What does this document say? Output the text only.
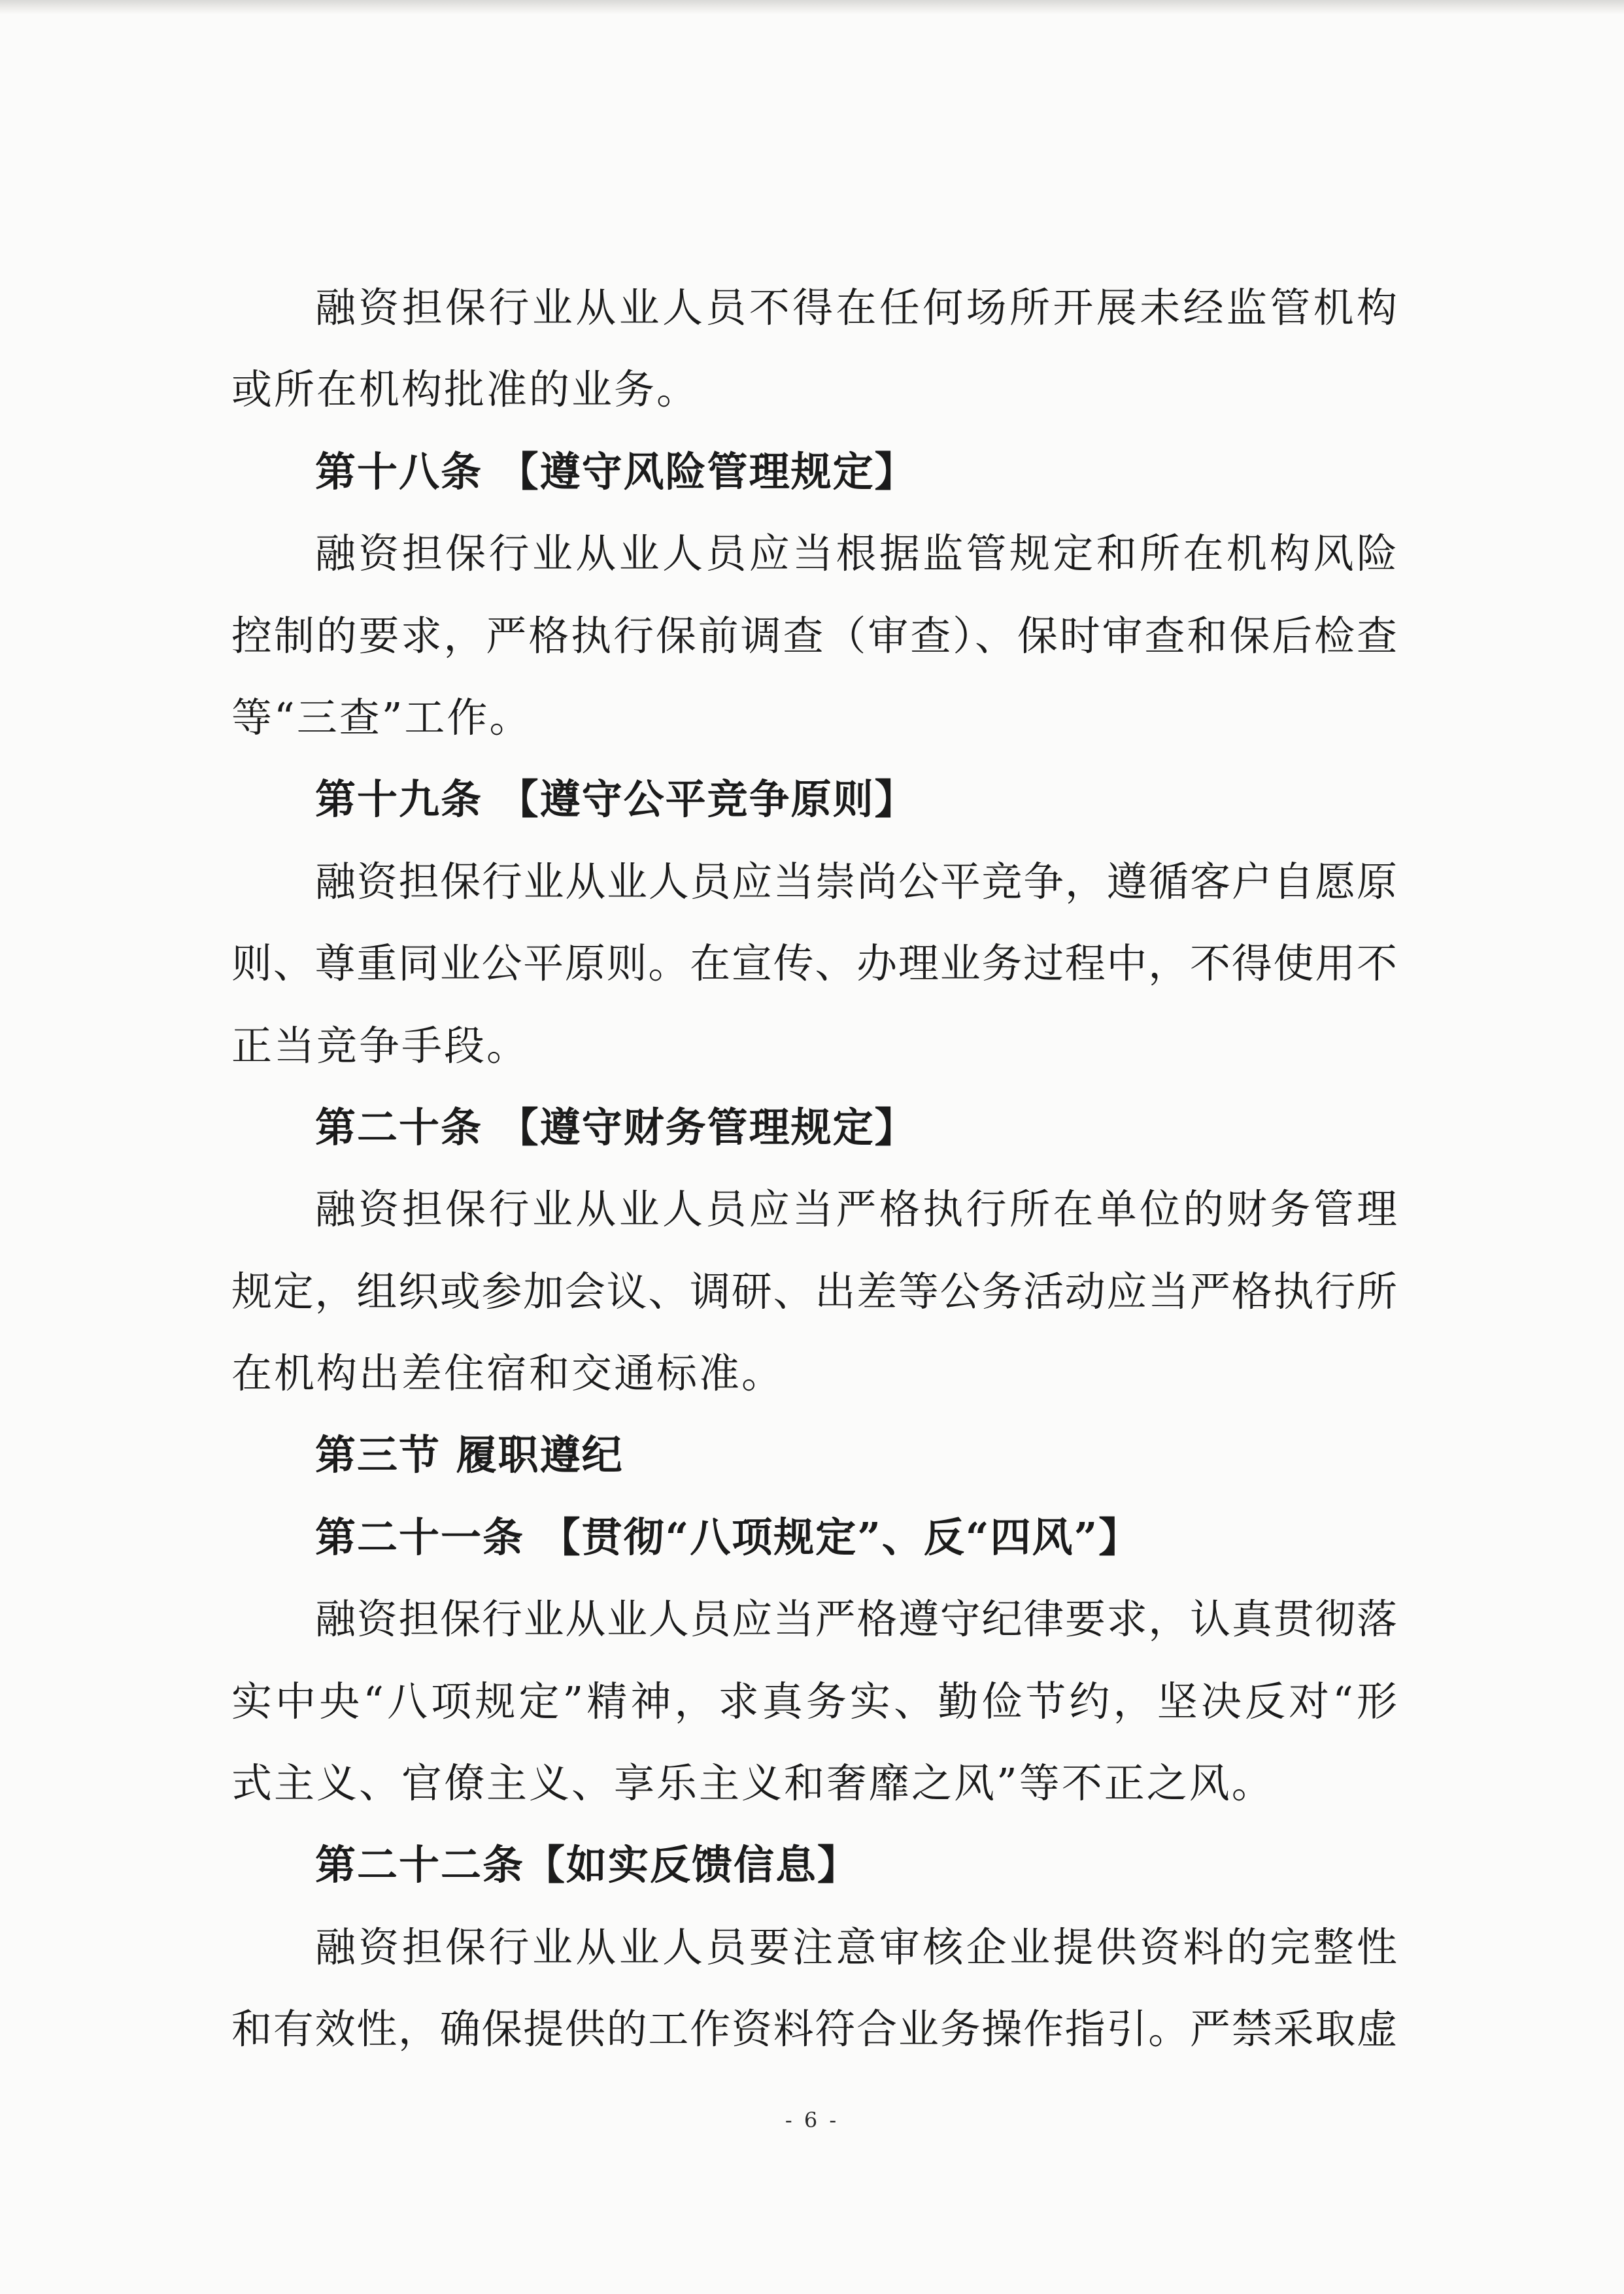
融资担保行业从业人员不得在任何场所开展未经监管机构
或所在机构批准的业务。
第十八条 【遵守风险管理规定】
融资担保行业从业人员应当根据监管规定和所在机构风险
控制的要求，严格执行保前调查（审查）、保时审查和保后检查
等“三查”工作。
第十九条 【遵守公平竞争原则】
融资担保行业从业人员应当崇尚公平竞争，遵循客户自愿原
则、尊重同业公平原则。在宣传、办理业务过程中，不得使用不
正当竞争手段。
第二十条 【遵守财务管理规定】
融资担保行业从业人员应当严格执行所在单位的财务管理
规定，组织或参加会议、调研、出差等公务活动应当严格执行所
在机构出差住宿和交通标准。
第三节 履职遵纪
第二十一条 【贯彻“八项规定”、反“四风”】
融资担保行业从业人员应当严格遵守纪律要求，认真贯彻落
实中央“八项规定”精神，求真务实、勤俭节约，坚决反对“形
式主义、官僚主义、享乐主义和奢靡之风”等不正之风。
第二十二条【如实反馈信息】
融资担保行业从业人员要注意审核企业提供资料的完整性
和有效性，确保提供的工作资料符合业务操作指引。严禁采取虚
- 6 -
